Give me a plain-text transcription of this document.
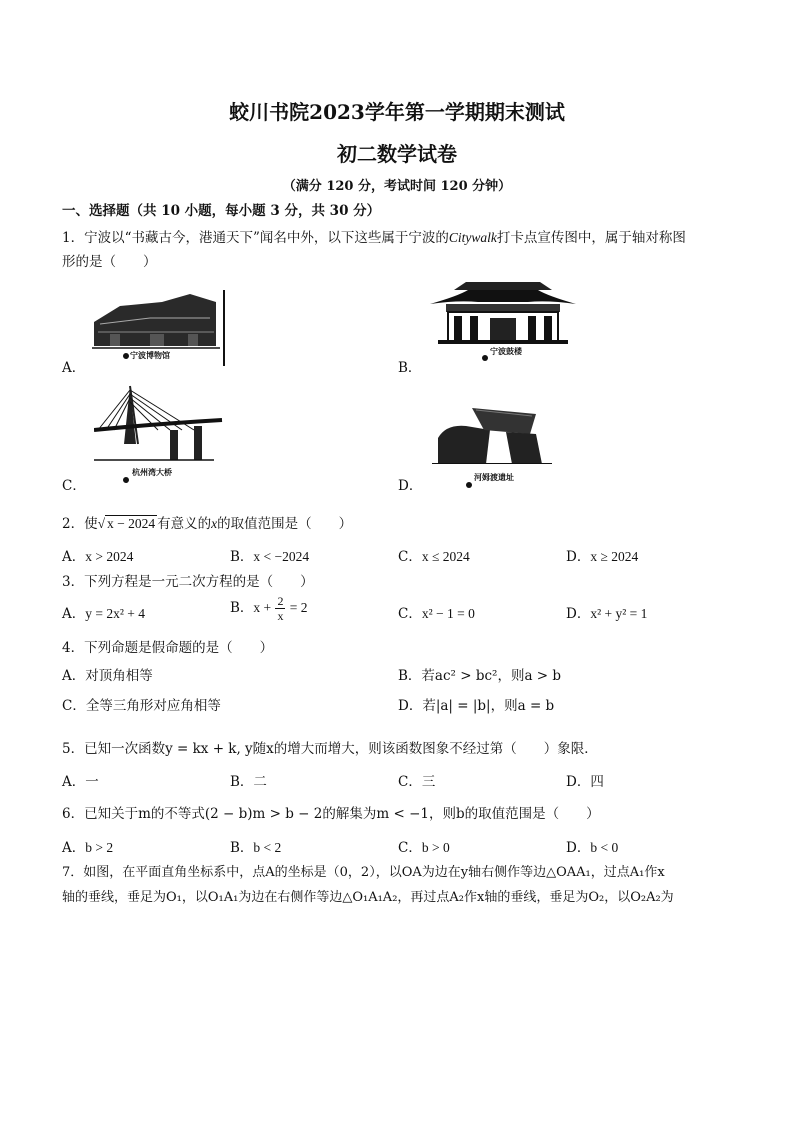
蛟川书院2023学年第一学期期末测试
初二数学试卷
（满分 120 分，考试时间 120 分钟）
一、选择题（共 10 小题，每小题 3 分，共 30 分）
1．宁波以“书藏古今，港通天下”闻名中外，以下这些属于宁波的Citywalk打卡点宣传图中，属于轴对称图
形的是（　　）
A．
宁波博物馆
B．
宁波鼓楼
C．
杭州湾大桥
D．
河姆渡遗址
2．使√ x − 2024 有意义的x的取值范围是（　　）
A．x > 2024	B．x < −2024	C．x ≤ 2024	D．x ≥ 2024
3．下列方程是一元二次方程的是（　　）
A．y = 2x² + 4	B．$x + \frac{2}{x} = 2$	C．x² − 1 = 0	D．x² + y² = 1
4．下列命题是假命题的是（　　）
A．对顶角相等	B．若ac² > bc²，则a > b
C．全等三角形对应角相等	D．若|a| = |b|，则a = b
5．已知一次函数y = kx + k, y随x的增大而增大，则该函数图象不经过第（　　）象限．
A．一	B．二	C．三	D．四
6．已知关于m的不等式(2 − b)m > b − 2的解集为m < −1，则b的取值范围是（　　）
A．b > 2	B．b < 2	C．b > 0	D．b < 0
7．如图，在平面直角坐标系中，点A的坐标是（0，2），以OA为边在y轴右侧作等边△OAA₁，过点A₁作x
轴的垂线，垂足为O₁，以O₁A₁为边在右侧作等边△O₁A₁A₂，再过点A₂作x轴的垂线，垂足为O₂，以O₂A₂为
